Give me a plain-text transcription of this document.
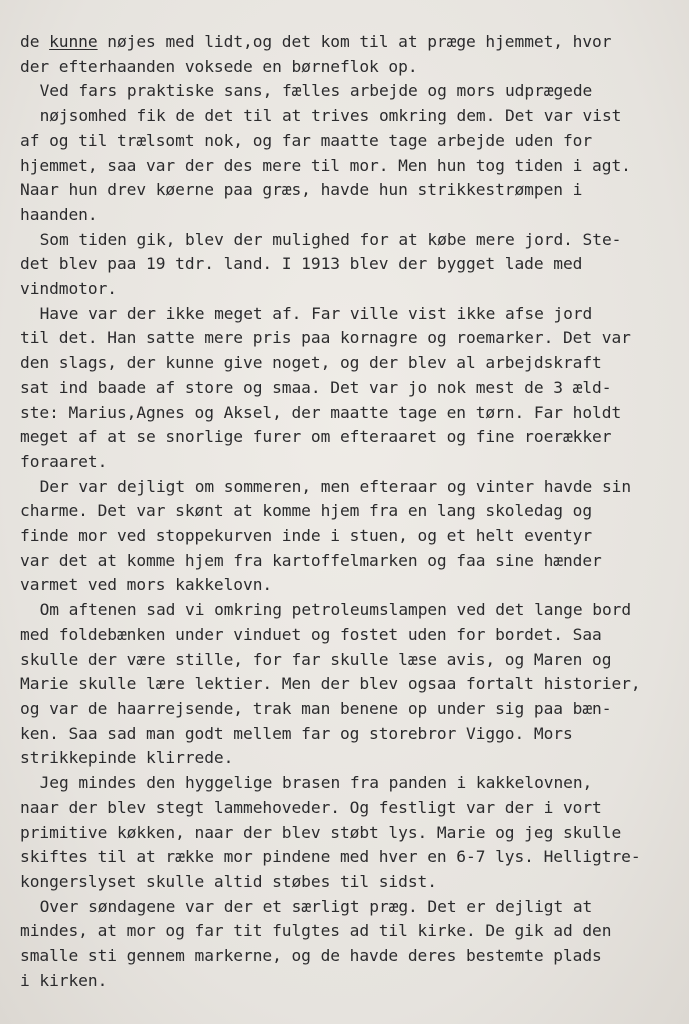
de kunne nøjes med lidt,og det kom til at præge hjemmet, hvor
der efterhaanden voksede en børneflok op.
Ved fars praktiske sans, fælles arbejde og mors udprægede
nøjsomhed fik de det til at trives omkring dem. Det var vist
af og til trælsomt nok, og far maatte tage arbejde uden for
hjemmet, saa var der des mere til mor. Men hun tog tiden i agt.
Naar hun drev køerne paa græs, havde hun strikkestrømpen i
haanden.
Som tiden gik, blev der mulighed for at købe mere jord. Ste-
det blev paa 19 tdr. land. I 1913 blev der bygget lade med
vindmotor.
Have var der ikke meget af. Far ville vist ikke afse jord
til det. Han satte mere pris paa kornagre og roemarker. Det var
den slags, der kunne give noget, og der blev al arbejdskraft
sat ind baade af store og smaa. Det var jo nok mest de 3 æld-
ste: Marius,Agnes og Aksel, der maatte tage en tørn. Far holdt
meget af at se snorlige furer om efteraaret og fine roerækker
foraaret.
Der var dejligt om sommeren, men efteraar og vinter havde sin
charme. Det var skønt at komme hjem fra en lang skoledag og
finde mor ved stoppekurven inde i stuen, og et helt eventyr
var det at komme hjem fra kartoffelmarken og faa sine hænder
varmet ved mors kakkelovn.
Om aftenen sad vi omkring petroleumslampen ved det lange bord
med foldebænken under vinduet og fostet uden for bordet. Saa
skulle der være stille, for far skulle læse avis, og Maren og
Marie skulle lære lektier. Men der blev ogsaa fortalt historier,
og var de haarrejsende, trak man benene op under sig paa bæn-
ken. Saa sad man godt mellem far og storebror Viggo. Mors
strikkepinde klirrede.
Jeg mindes den hyggelige brasen fra panden i kakkelovnen,
naar der blev stegt lammehoveder. Og festligt var der i vort
primitive køkken, naar der blev støbt lys. Marie og jeg skulle
skiftes til at række mor pindene med hver en 6-7 lys. Helligtre-
kongerslyset skulle altid støbes til sidst.
Over søndagene var der et særligt præg. Det er dejligt at
mindes, at mor og far tit fulgtes ad til kirke. De gik ad den
smalle sti gennem markerne, og de havde deres bestemte plads
i kirken.
